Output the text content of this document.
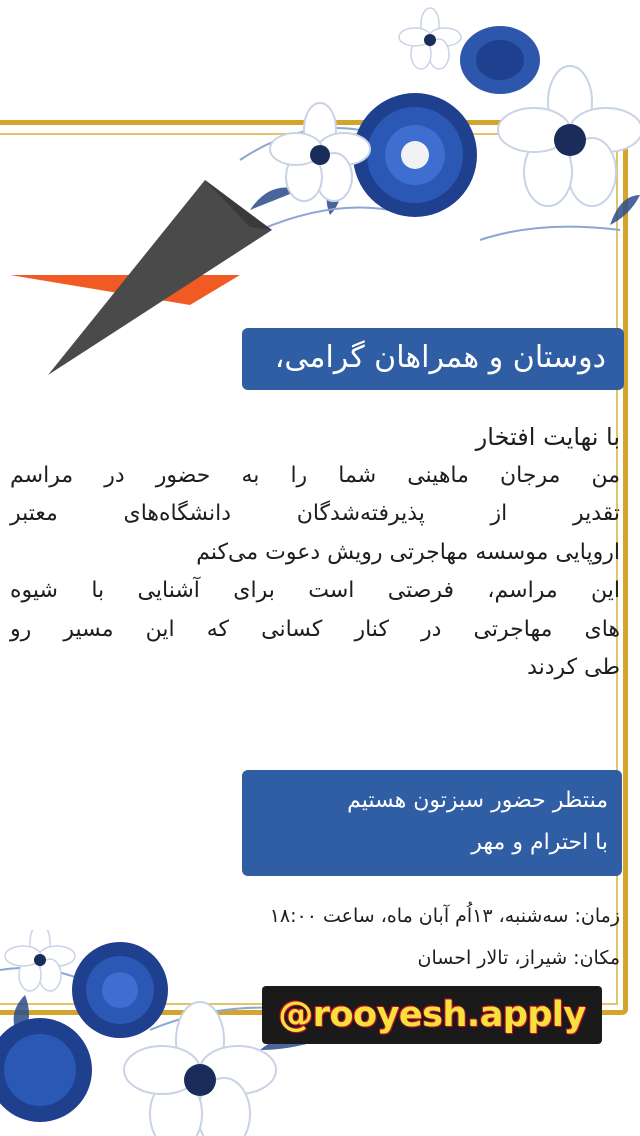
دوستان و همراهان گرامی،

با نهایت افتخار

من مرجان ماهینی شما را به حضور در مراسم

تقدیر از پذیرفته‌شدگان دانشگاه‌های معتبر

اروپایی موسسه مهاجرتی رویش دعوت می‌کنم

این مراسم، فرصتی است برای آشنایی با شیوه

های مهاجرتی در کنار کسانی که این مسیر رو

طی کردند

منتظر حضور سبزتون هستیم
با احترام و مهر
زمان: سه‌شنبه، ۱۳اُم آبان ماه، ساعت ۱۸:۰۰
مکان: شیراز، تالار احسان
@rooyesh.apply
